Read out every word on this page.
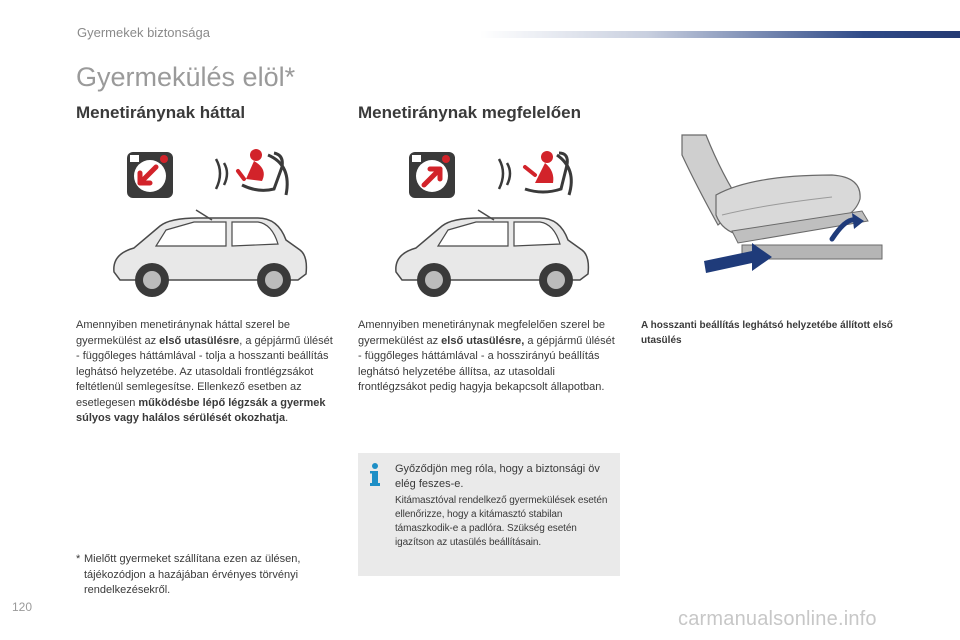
Gyermekek biztonsága
Gyermekülés elöl*
Menetiránynak háttal	Menetiránynak megfelelően
Amennyiben menetiránynak háttal szerel be gyermekülést az első utasülésre, a gépjármű ülését - függőleges háttámlával - tolja a hosszanti beállítás leghátsó helyzetébe. Az utasoldali frontlégzsákot feltétlenül semlegesítse. Ellenkező esetben az esetlegesen működésbe lépő légzsák a gyermek súlyos vagy halálos sérülését okozhatja.
Amennyiben menetiránynak megfelelően szerel be gyermekülést az első utasülésre, a gépjármű ülését - függőleges háttámlával - a hosszirányú beállítás leghátsó helyzetébe állítsa, az utasoldali frontlégzsákot pedig hagyja bekapcsolt állapotban.
A hosszanti beállítás leghátsó helyzetébe állított első utasülés
Győződjön meg róla, hogy a biztonsági öv elég feszes-e.
Kitámasztóval rendelkező gyermekülések esetén ellenőrizze, hogy a kitámasztó stabilan támaszkodik-e a padlóra. Szükség esetén igazítson az utasülés beállításain.
* Mielőtt gyermeket szállítana ezen az ülésen, tájékozódjon a hazájában érvényes törvényi rendelkezésekről.
120
carmanualsonline.info
